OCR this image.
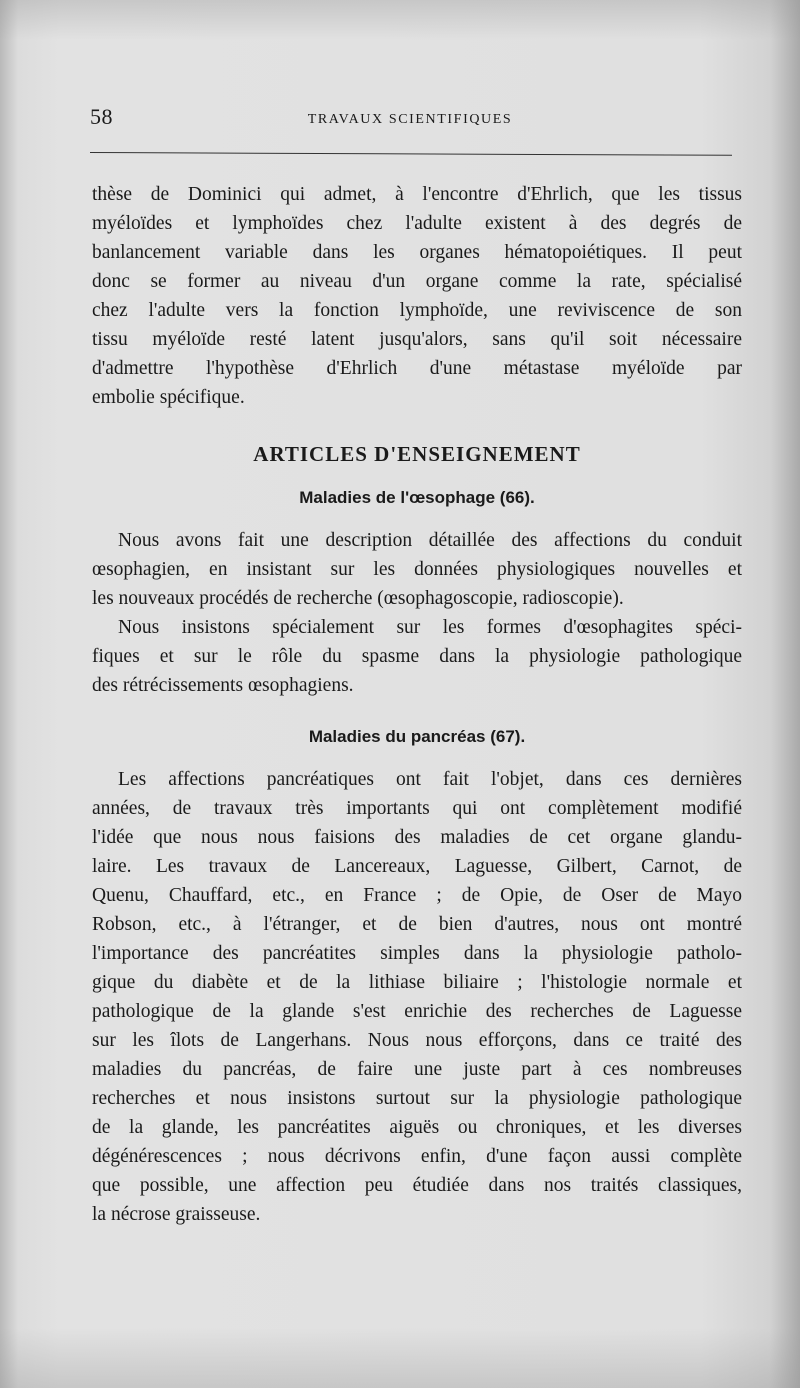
58	TRAVAUX SCIENTIFIQUES
thèse de Dominici qui admet, à l'encontre d'Ehrlich, que les tissus
myéloïdes et lymphoïdes chez l'adulte existent à des degrés de
banlancement variable dans les organes hématopoiétiques. Il peut
donc se former au niveau d'un organe comme la rate, spécialisé
chez l'adulte vers la fonction lymphoïde, une reviviscence de son
tissu myéloïde resté latent jusqu'alors, sans qu'il soit nécessaire
d'admettre l'hypothèse d'Ehrlich d'une métastase myéloïde par
embolie spécifique.
ARTICLES D'ENSEIGNEMENT
Maladies de l'œsophage (66).
Nous avons fait une description détaillée des affections du conduit
œsophagien, en insistant sur les données physiologiques nouvelles et
les nouveaux procédés de recherche (œsophagoscopie, radioscopie).
Nous insistons spécialement sur les formes d'œsophagites spéci-
fiques et sur le rôle du spasme dans la physiologie pathologique
des rétrécissements œsophagiens.
Maladies du pancréas (67).
Les affections pancréatiques ont fait l'objet, dans ces dernières
années, de travaux très importants qui ont complètement modifié
l'idée que nous nous faisions des maladies de cet organe glandu-
laire. Les travaux de Lancereaux, Laguesse, Gilbert, Carnot, de
Quenu, Chauffard, etc., en France ; de Opie, de Oser de Mayo
Robson, etc., à l'étranger, et de bien d'autres, nous ont montré
l'importance des pancréatites simples dans la physiologie patholo-
gique du diabète et de la lithiase biliaire ; l'histologie normale et
pathologique de la glande s'est enrichie des recherches de Laguesse
sur les îlots de Langerhans. Nous nous efforçons, dans ce traité des
maladies du pancréas, de faire une juste part à ces nombreuses
recherches et nous insistons surtout sur la physiologie pathologique
de la glande, les pancréatites aiguës ou chroniques, et les diverses
dégénérescences ; nous décrivons enfin, d'une façon aussi complète
que possible, une affection peu étudiée dans nos traités classiques,
la nécrose graisseuse.
